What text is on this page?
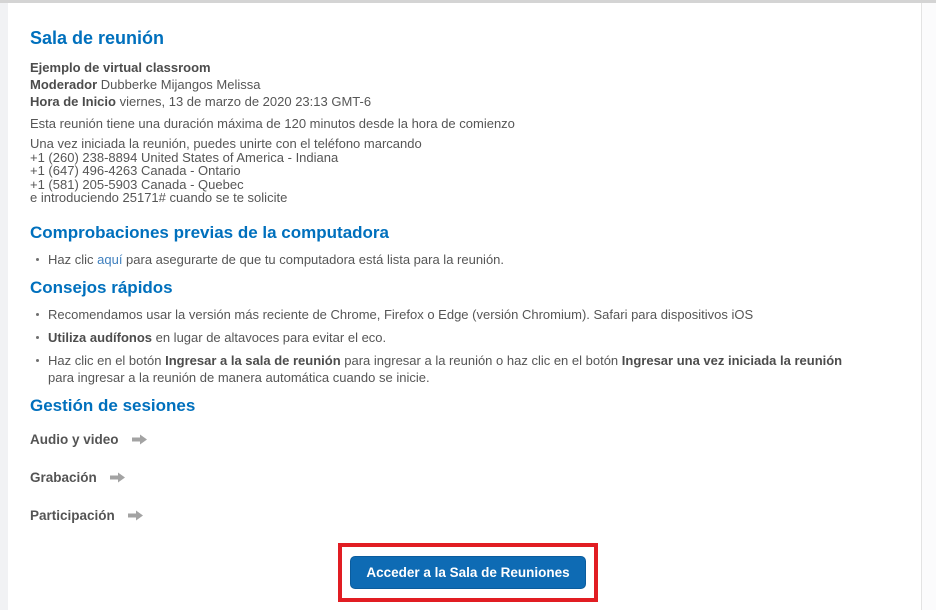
Sala de reunión

Ejemplo de virtual classroom

Moderador Dubberke Mijangos Melissa

Hora de Inicio viernes, 13 de marzo de 2020 23:13 GMT-6

Esta reunión tiene una duración máxima de 120 minutos desde la hora de comienzo

Una vez iniciada la reunión, puedes unirte con el teléfono marcando

+1 (260) 238-8894 United States of America - Indiana

+1 (647) 496-4263 Canada - Ontario

+1 (581) 205-5903 Canada - Quebec

e introduciendo 25171# cuando se te solicite

Comprobaciones previas de la computadora
Haz clic aquí para asegurarte de que tu computadora está lista para la reunión.
Consejos rápidos
Recomendamos usar la versión más reciente de Chrome, Firefox o Edge (versión Chromium). Safari para dispositivos iOS
Utiliza audífonos en lugar de altavoces para evitar el eco.
Haz clic en el botón Ingresar a la sala de reunión para ingresar a la reunión o haz clic en el botón Ingresar una vez iniciada la reunión para ingresar a la reunión de manera automática cuando se inicie.
Gestión de sesiones
Audio y video
Grabación
Participación
Acceder a la Sala de Reuniones
